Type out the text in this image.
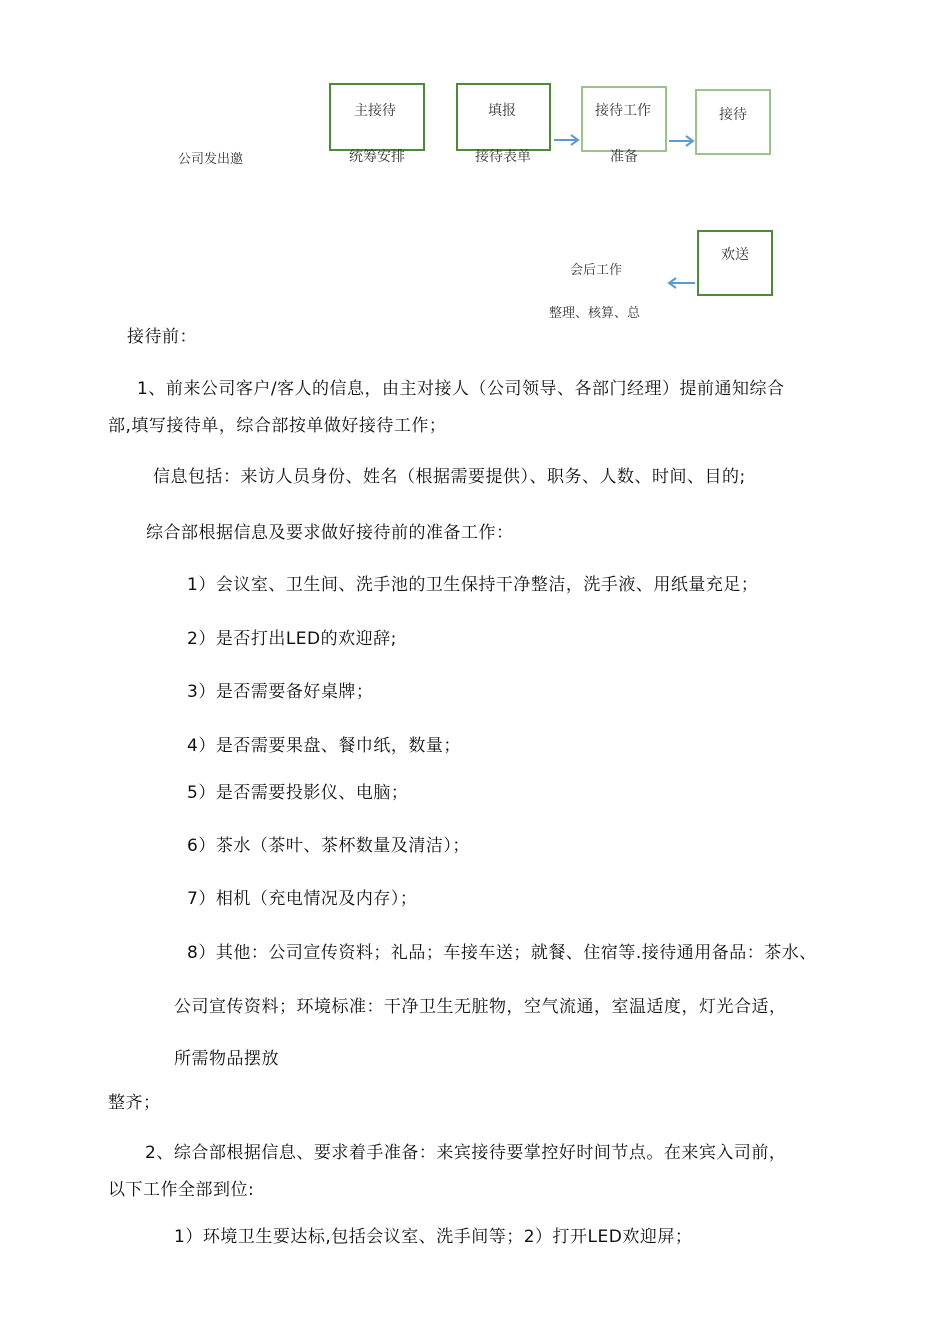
公司发出邀
主接待
统筹安排
填报
接待表单
接待工作
准备
接待
欢送
会后工作
整理、核算、总
接待前：
1、前来公司客户/客人的信息，由主对接人（公司领导、各部门经理）提前通知综合
部,填写接待单，综合部按单做好接待工作；
信息包括：来访人员身份、姓名（根据需要提供）、职务、人数、时间、目的;
综合部根据信息及要求做好接待前的准备工作：
1）会议室、卫生间、洗手池的卫生保持干净整洁，洗手液、用纸量充足；
2）是否打出LED的欢迎辞;
3）是否需要备好桌牌；
4）是否需要果盘、餐巾纸，数量；
5）是否需要投影仪、电脑；
6）茶水（茶叶、茶杯数量及清洁）；
7）相机（充电情况及内存）；
8）其他：公司宣传资料；礼品；车接车送；就餐、住宿等.接待通用备品：茶水、
公司宣传资料；环境标准：干净卫生无脏物，空气流通，室温适度，灯光合适，
所需物品摆放
整齐；
2、综合部根据信息、要求着手准备：来宾接待要掌控好时间节点。在来宾入司前，
以下工作全部到位:
1）环境卫生要达标,包括会议室、洗手间等；2）打开LED欢迎屏；
